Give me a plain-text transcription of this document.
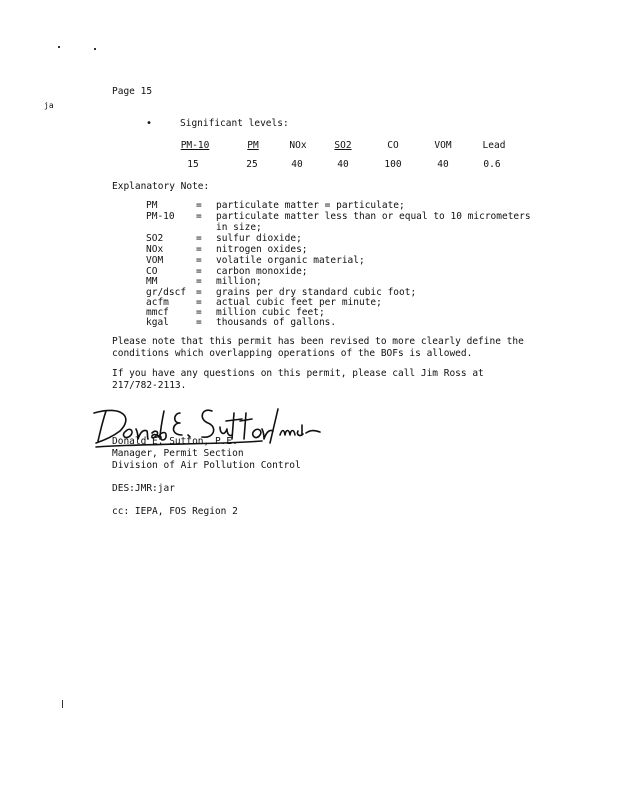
ja
Page 15
•	Significant levels:
PM-10	PM	NOx	SO2	CO	VOM	Lead
15	25	40	40	100	40	0.6
Explanatory Note:
PM	= particulate matter = particulate;
PM-10 = particulate matter less than or equal to 10 micrometers
in size;
SO2	= sulfur dioxide;
NOx	= nitrogen oxides;
VOM	= volatile organic material;
CO	= carbon monoxide;
MM	= million;
gr/dscf = grains per dry standard cubic foot;
acfm	= actual cubic feet per minute;
mmcf	= million cubic feet;
kgal	= thousands of gallons.
Please note that this permit has been revised to more clearly define the
conditions which overlapping operations of the BOFs is allowed.
If you have any questions on this permit, please call Jim Ross at
217/782-2113.
Donald E. Sutton, P.E.
Manager, Permit Section
Division of Air Pollution Control
DES:JMR:jar
cc: IEPA, FOS Region 2
